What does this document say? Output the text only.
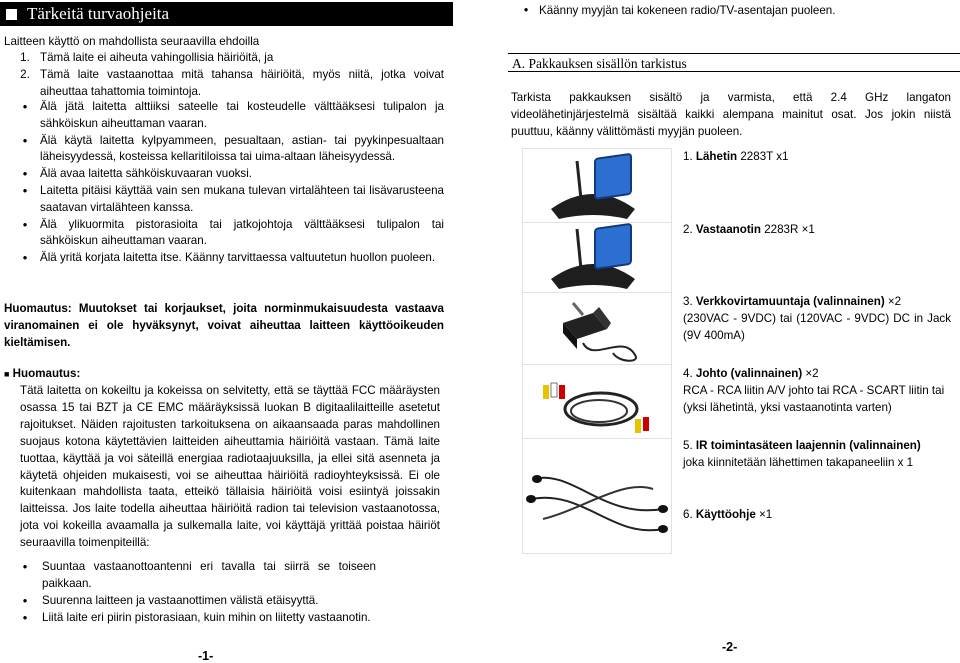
Tärkeitä turvaohjeita
Laitteen käyttö on mahdollista seuraavilla ehdoilla
1. Tämä laite ei aiheuta vahingollisia häiriöitä, ja
2. Tämä laite vastaanottaa mitä tahansa häiriöitä, myös niitä, jotka voivat aiheuttaa tahattomia toimintoja.
•	Älä jätä laitetta alttiiksi sateelle tai kosteudelle välttääksesi tulipalon ja sähköiskun aiheuttaman vaaran.
•	Älä käytä laitetta kylpyammeen, pesualtaan, astian- tai pyykinpesualtaan läheisyydessä, kosteissa kellaritiloissa tai uima-altaan läheisyydessä.
•	Älä avaa laitetta sähköiskuvaaran vuoksi.
•	Laitetta pitäisi käyttää vain sen mukana tulevan virtalähteen tai lisävarusteena saatavan virtalähteen kanssa.
•	Älä ylikuormita pistorasioita tai jatkojohtoja välttääksesi tulipalon tai sähköiskun aiheuttaman vaaran.
•	Älä yritä korjata laitetta itse. Käänny tarvittaessa valtuutetun huollon puoleen.
Huomautus: Muutokset tai korjaukset, joita norminmukaisuudesta vastaava viranomainen ei ole hyväksynyt, voivat aiheuttaa laitteen käyttöoikeuden kieltämisen.
■ Huomautus:
Tätä laitetta on kokeiltu ja kokeissa on selvitetty, että se täyttää FCC määräysten osassa 15 tai BZT ja CE EMC määräyksissä luokan B digitaalilaitteille asetetut rajoitukset. Näiden rajoitusten tarkoituksena on aikaansaada paras mahdollinen suojaus kotona käytettävien laitteiden aiheuttamia häiriöitä vastaan. Tämä laite tuottaa, käyttää ja voi säteillä energiaa radiotaajuuksilla, ja ellei sitä asenneta ja käytetä ohjeiden mukaisesti, voi se aiheuttaa häiriöitä radioyhteyksissä. Ei ole kuitenkaan mahdollista taata, etteikö tällaisia häiriöitä voisi esiintyä joissakin laitteissa. Jos laite todella aiheuttaa häiriöitä radion tai television vastaanotossa, jota voi kokeilla avaamalla ja sulkemalla laite, voi käyttäjä yrittää poistaa häiriöt seuraavilla toimenpiteillä:
•	Suuntaa vastaanottoantenni eri tavalla tai siirrä se toiseen paikkaan.
•	Suurenna laitteen ja vastaanottimen välistä etäisyyttä.
•	Liitä laite eri piirin pistorasiaan, kuin mihin on liitetty vastaanotin.
-1-
• Käänny myyjän tai kokeneen radio/TV-asentajan puoleen.
A. Pakkauksen sisällön tarkistus
Tarkista pakkauksen sisältö ja varmista, että 2.4 GHz langaton videolähetinjärjestelmä sisältää kaikki alempana mainitut osat. Jos jokin niistä puuttuu, käänny välittömästi myyjän puoleen.
1. Lähetin 2283T x1
2. Vastaanotin 2283R ×1
3. Verkkovirtamuuntaja (valinnainen) ×2
(230VAC - 9VDC) tai (120VAC - 9VDC) DC in Jack (9V 400mA)
4. Johto (valinnainen) ×2
RCA - RCA liitin A/V johto tai RCA - SCART liitin tai (yksi lähetintä, yksi vastaanotinta varten)
5. IR toimintasäteen laajennin (valinnainen)
joka kiinnitetään lähettimen takapaneeliin x 1
6. Käyttöohje ×1
-2-
